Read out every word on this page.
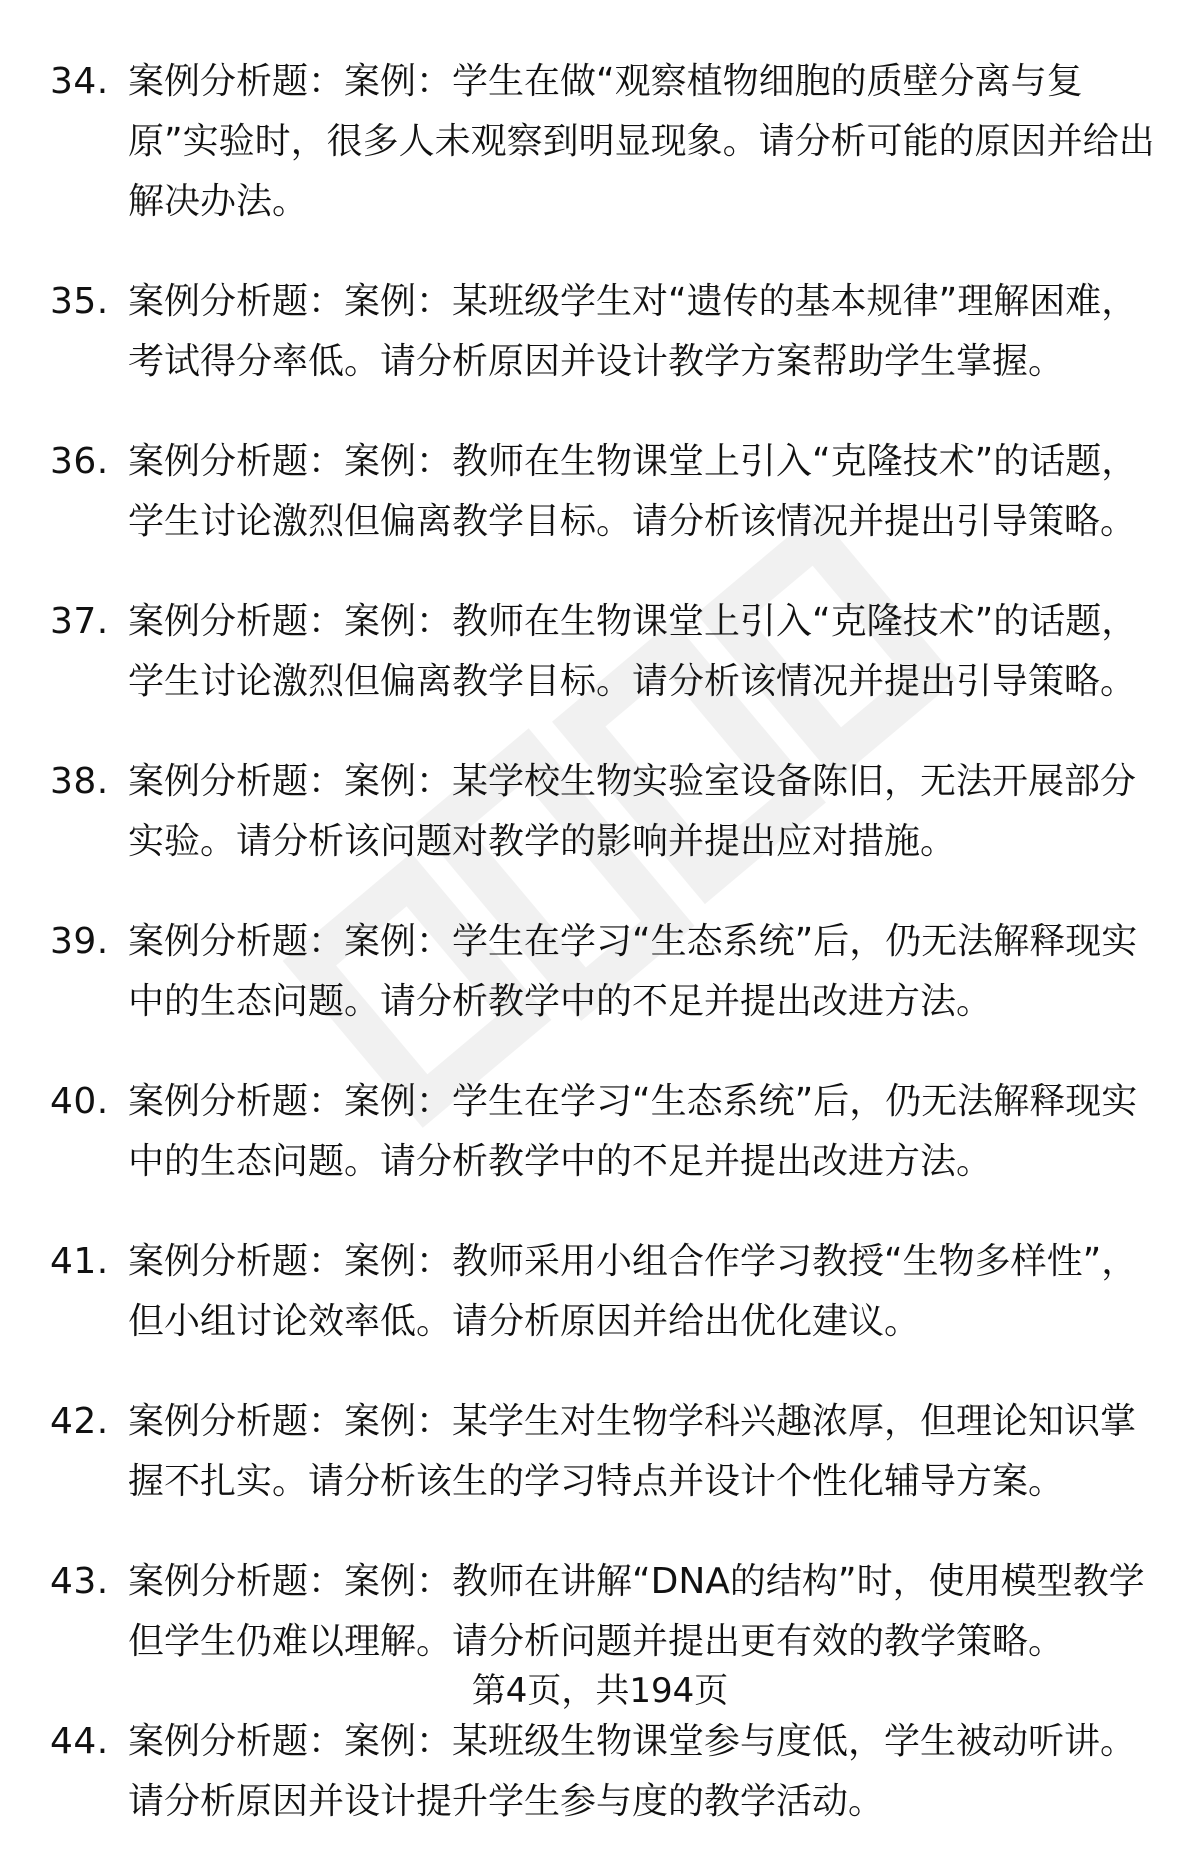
34. 案例分析题：案例：学生在做“观察植物细胞的质壁分离与复原”实验时，很多人未观察到明显现象。请分析可能的原因并给出解决办法。
35. 案例分析题：案例：某班级学生对“遗传的基本规律”理解困难，考试得分率低。请分析原因并设计教学方案帮助学生掌握。
36. 案例分析题：案例：教师在生物课堂上引入“克隆技术”的话题，学生讨论激烈但偏离教学目标。请分析该情况并提出引导策略。
37. 案例分析题：案例：教师在生物课堂上引入“克隆技术”的话题，学生讨论激烈但偏离教学目标。请分析该情况并提出引导策略。
38. 案例分析题：案例：某学校生物实验室设备陈旧，无法开展部分实验。请分析该问题对教学的影响并提出应对措施。
39. 案例分析题：案例：学生在学习“生态系统”后，仍无法解释现实中的生态问题。请分析教学中的不足并提出改进方法。
40. 案例分析题：案例：学生在学习“生态系统”后，仍无法解释现实中的生态问题。请分析教学中的不足并提出改进方法。
41. 案例分析题：案例：教师采用小组合作学习教授“生物多样性”，但小组讨论效率低。请分析原因并给出优化建议。
42. 案例分析题：案例：某学生对生物学科兴趣浓厚，但理论知识掌握不扎实。请分析该生的学习特点并设计个性化辅导方案。
43. 案例分析题：案例：教师在讲解“DNA的结构”时，使用模型教学但学生仍难以理解。请分析问题并提出更有效的教学策略。
44. 案例分析题：案例：某班级生物课堂参与度低，学生被动听讲。请分析原因并设计提升学生参与度的教学活动。
第4页，共194页
